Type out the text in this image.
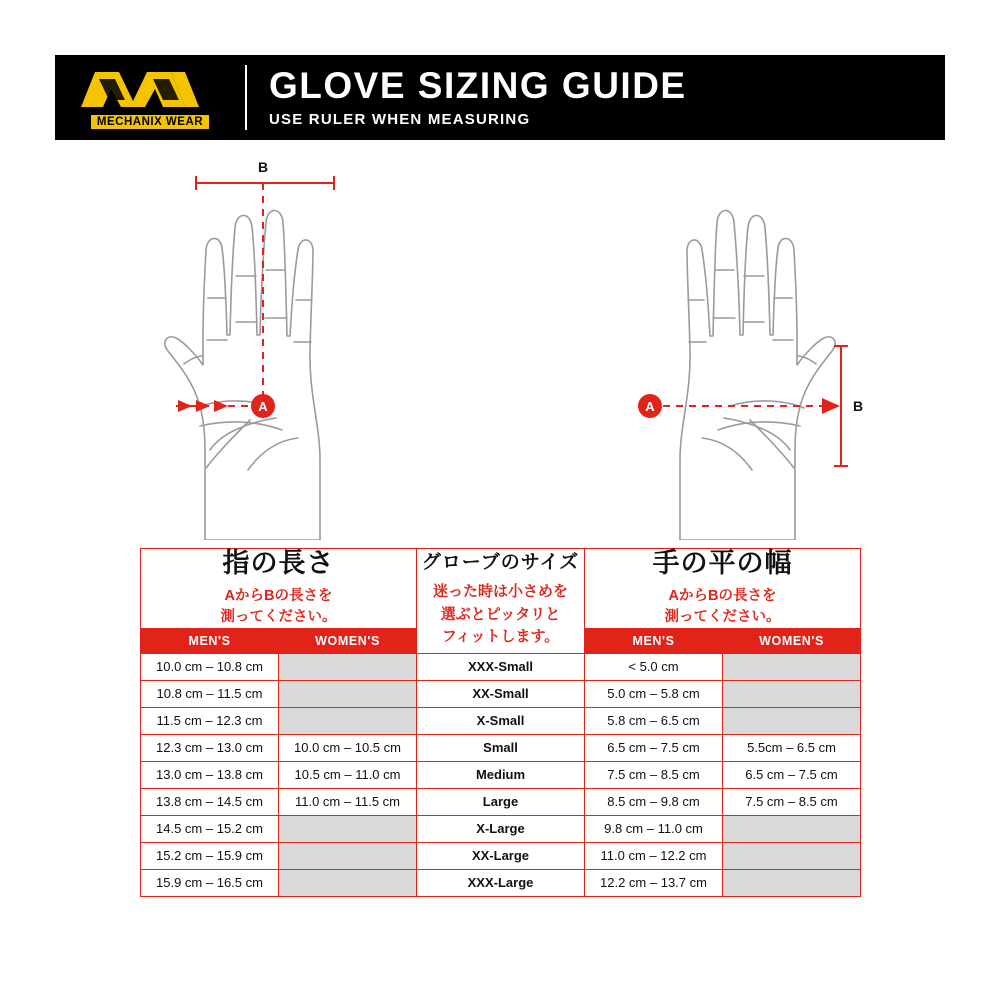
MECHANIX WEAR
GLOVE SIZING GUIDE
USE RULER WHEN MEASURING
A
B
A	B
指の長さ
AからBの長さを
測ってください。

グローブのサイズ
迷った時は小さめを
選ぶとピッタリと
フィットします。

手の平の幅
AからBの長さを
測ってください。

MEN'S	WOMEN'S		MEN'S	WOMEN'S
10.0 cm – 10.8 cm		XXX-Small	< 5.0 cm	
10.8 cm – 11.5 cm		XX-Small	5.0 cm – 5.8 cm	
11.5 cm – 12.3 cm		X-Small	5.8 cm – 6.5 cm	
12.3 cm – 13.0 cm	10.0 cm – 10.5 cm	Small	6.5 cm – 7.5 cm	5.5cm – 6.5 cm
13.0 cm – 13.8 cm	10.5 cm – 11.0 cm	Medium	7.5 cm – 8.5 cm	6.5 cm – 7.5 cm
13.8 cm – 14.5 cm	11.0 cm – 11.5 cm	Large	8.5 cm – 9.8 cm	7.5 cm – 8.5 cm
14.5 cm – 15.2 cm		X-Large	9.8 cm – 11.0 cm	
15.2 cm – 15.9 cm		XX-Large	11.0 cm – 12.2 cm	
15.9 cm – 16.5 cm		XXX-Large	12.2 cm – 13.7 cm	
